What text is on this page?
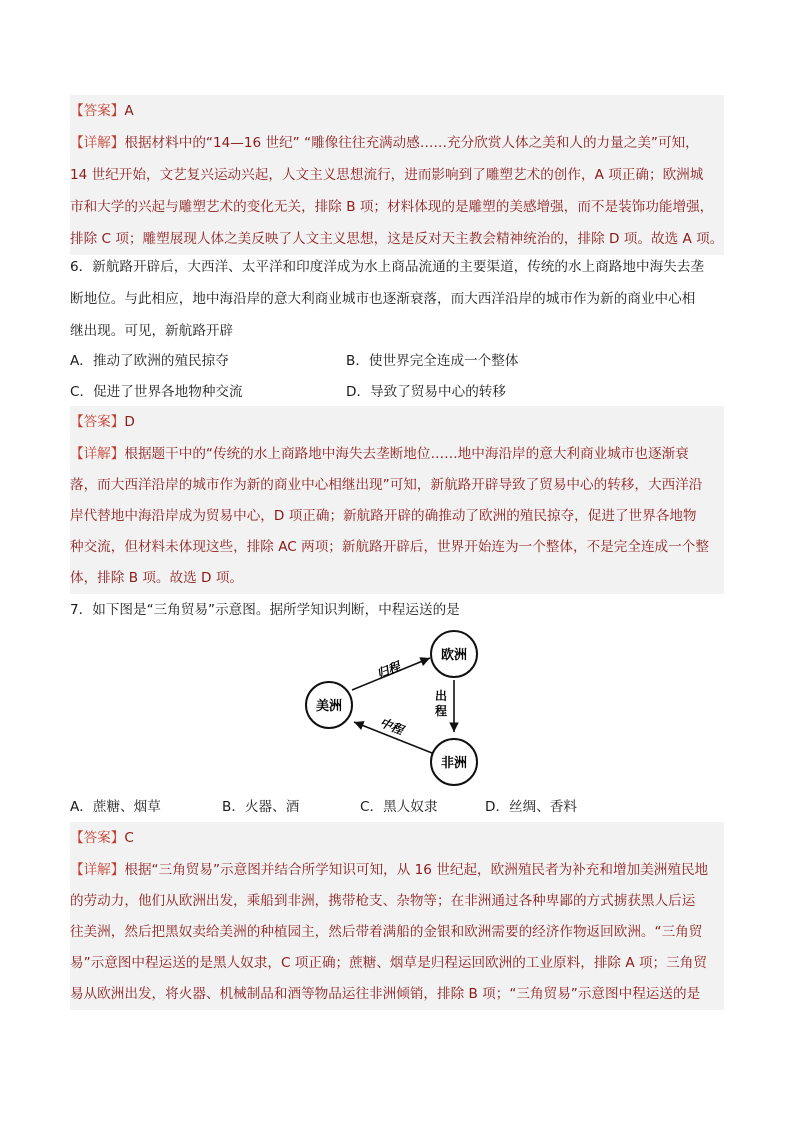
【答案】A
【详解】根据材料中的“14—16 世纪” “雕像往往充满动感……充分欣赏人体之美和人的力量之美”可知，
14 世纪开始，文艺复兴运动兴起，人文主义思想流行，进而影响到了雕塑艺术的创作，A 项正确；欧洲城
市和大学的兴起与雕塑艺术的变化无关，排除 B 项；材料体现的是雕塑的美感增强，而不是装饰功能增强，
排除 C 项；雕塑展现人体之美反映了人文主义思想，这是反对天主教会精神统治的，排除 D 项。故选 A 项。
6．新航路开辟后，大西洋、太平洋和印度洋成为水上商品流通的主要渠道，传统的水上商路地中海失去垄
断地位。与此相应，地中海沿岸的意大利商业城市也逐渐衰落，而大西洋沿岸的城市作为新的商业中心相
继出现。可见，新航路开辟
A．推动了欧洲的殖民掠夺	B．使世界完全连成一个整体
C．促进了世界各地物种交流	D．导致了贸易中心的转移
【答案】D
【详解】根据题干中的“传统的水上商路地中海失去垄断地位……地中海沿岸的意大利商业城市也逐渐衰
落，而大西洋沿岸的城市作为新的商业中心相继出现”可知，新航路开辟导致了贸易中心的转移，大西洋沿
岸代替地中海沿岸成为贸易中心，D 项正确；新航路开辟的确推动了欧洲的殖民掠夺，促进了世界各地物
种交流，但材料未体现这些，排除 AC 两项；新航路开辟后，世界开始连为一个整体，不是完全连成一个整
体，排除 B 项。故选 D 项。
7．如下图是“三角贸易”示意图。据所学知识判断，中程运送的是
欧洲
美洲
非洲
归程
出
程
中程
A．蔗糖、烟草	B．火器、酒	C．黑人奴隶	D．丝绸、香料
【答案】C
【详解】根据“三角贸易”示意图并结合所学知识可知，从 16 世纪起，欧洲殖民者为补充和增加美洲殖民地
的劳动力，他们从欧洲出发，乘船到非洲，携带枪支、杂物等；在非洲通过各种卑鄙的方式掳获黑人后运
往美洲，然后把黑奴卖给美洲的种植园主，然后带着满船的金银和欧洲需要的经济作物返回欧洲。“三角贸
易”示意图中程运送的是黑人奴隶，C 项正确；蔗糖、烟草是归程运回欧洲的工业原料，排除 A 项；三角贸
易从欧洲出发，将火器、机械制品和酒等物品运往非洲倾销，排除 B 项；“三角贸易”示意图中程运送的是
